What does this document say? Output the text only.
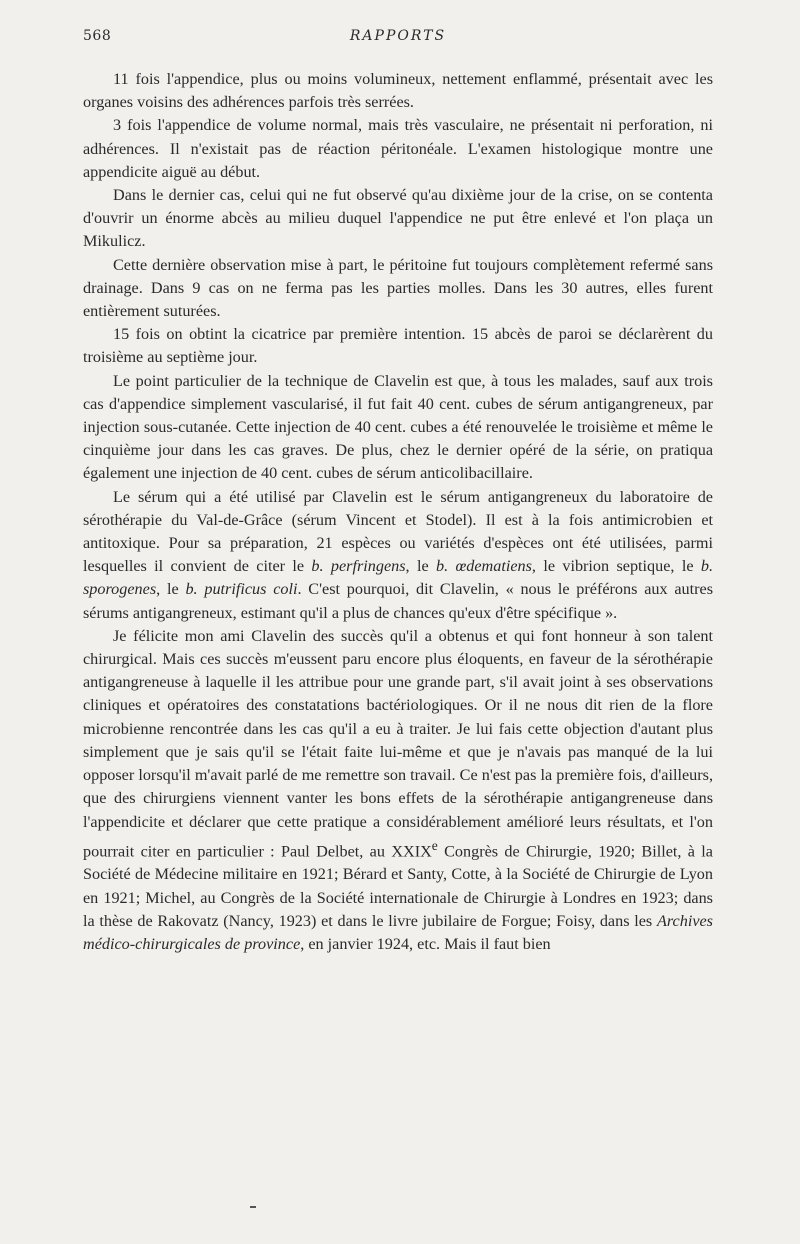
568	RAPPORTS

11 fois l'appendice, plus ou moins volumineux, nettement enflammé, présentait avec les organes voisins des adhérences parfois très serrées.

3 fois l'appendice de volume normal, mais très vasculaire, ne présentait ni perforation, ni adhérences. Il n'existait pas de réaction péritonéale. L'examen histologique montre une appendicite aiguë au début.

Dans le dernier cas, celui qui ne fut observé qu'au dixième jour de la crise, on se contenta d'ouvrir un énorme abcès au milieu duquel l'appendice ne put être enlevé et l'on plaça un Mikulicz.

Cette dernière observation mise à part, le péritoine fut toujours complètement refermé sans drainage. Dans 9 cas on ne ferma pas les parties molles. Dans les 30 autres, elles furent entièrement suturées.

15 fois on obtint la cicatrice par première intention. 15 abcès de paroi se déclarèrent du troisième au septième jour.

Le point particulier de la technique de Clavelin est que, à tous les malades, sauf aux trois cas d'appendice simplement vascularisé, il fut fait 40 cent. cubes de sérum antigangreneux, par injection sous-cutanée. Cette injection de 40 cent. cubes a été renouvelée le troisième et même le cinquième jour dans les cas graves. De plus, chez le dernier opéré de la série, on pratiqua également une injection de 40 cent. cubes de sérum anticolibacillaire.

Le sérum qui a été utilisé par Clavelin est le sérum antigangreneux du laboratoire de sérothérapie du Val-de-Grâce (sérum Vincent et Stodel). Il est à la fois antimicrobien et antitoxique. Pour sa préparation, 21 espèces ou variétés d'espèces ont été utilisées, parmi lesquelles il convient de citer le b. perfringens, le b. œdematiens, le vibrion septique, le b. sporogenes, le b. putrificus coli. C'est pourquoi, dit Clavelin, « nous le préférons aux autres sérums antigangreneux, estimant qu'il a plus de chances qu'eux d'être spécifique ».

Je félicite mon ami Clavelin des succès qu'il a obtenus et qui font honneur à son talent chirurgical. Mais ces succès m'eussent paru encore plus éloquents, en faveur de la sérothérapie antigangreneuse à laquelle il les attribue pour une grande part, s'il avait joint à ses observations cliniques et opératoires des constatations bactériologiques. Or il ne nous dit rien de la flore microbienne rencontrée dans les cas qu'il a eu à traiter. Je lui fais cette objection d'autant plus simplement que je sais qu'il se l'était faite lui-même et que je n'avais pas manqué de la lui opposer lorsqu'il m'avait parlé de me remettre son travail. Ce n'est pas la première fois, d'ailleurs, que des chirurgiens viennent vanter les bons effets de la sérothérapie antigangreneuse dans l'appendicite et déclarer que cette pratique a considérablement amélioré leurs résultats, et l'on pourrait citer en particulier : Paul Delbet, au XXIXe Congrès de Chirurgie, 1920; Billet, à la Société de Médecine militaire en 1921; Bérard et Santy, Cotte, à la Société de Chirurgie de Lyon en 1921; Michel, au Congrès de la Société internationale de Chirurgie à Londres en 1923; dans la thèse de Rakovatz (Nancy, 1923) et dans le livre jubilaire de Forgue; Foisy, dans les Archives médico-chirurgicales de province, en janvier 1924, etc. Mais il faut bien
